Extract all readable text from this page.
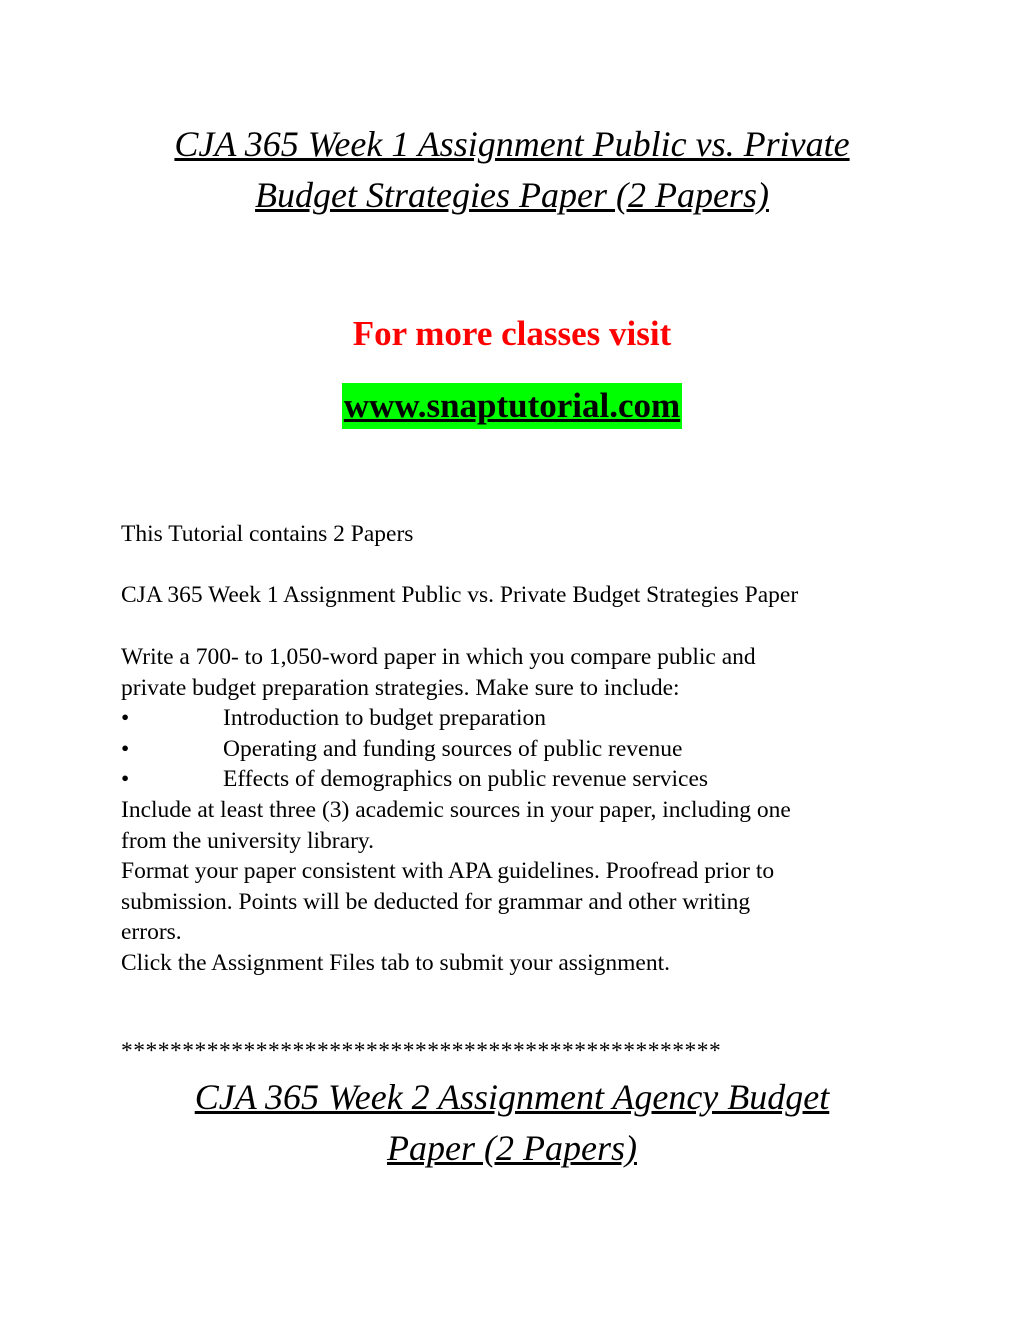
CJA 365 Week 1 Assignment Public vs. Private
Budget Strategies Paper (2 Papers)
For more classes visit
www.snaptutorial.com
This Tutorial contains 2 Papers
CJA 365 Week 1 Assignment Public vs. Private Budget Strategies Paper
Write a 700- to 1,050-word paper in which you compare public and
private budget preparation strategies. Make sure to include:
•	Introduction to budget preparation
•	Operating and funding sources of public revenue
•	Effects of demographics on public revenue services
Include at least three (3) academic sources in your paper, including one
from the university library.
Format your paper consistent with APA guidelines. Proofread prior to
submission. Points will be deducted for grammar and other writing
errors.
Click the Assignment Files tab to submit your assignment.
*************************************************
CJA 365 Week 2 Assignment Agency Budget
Paper (2 Papers)
